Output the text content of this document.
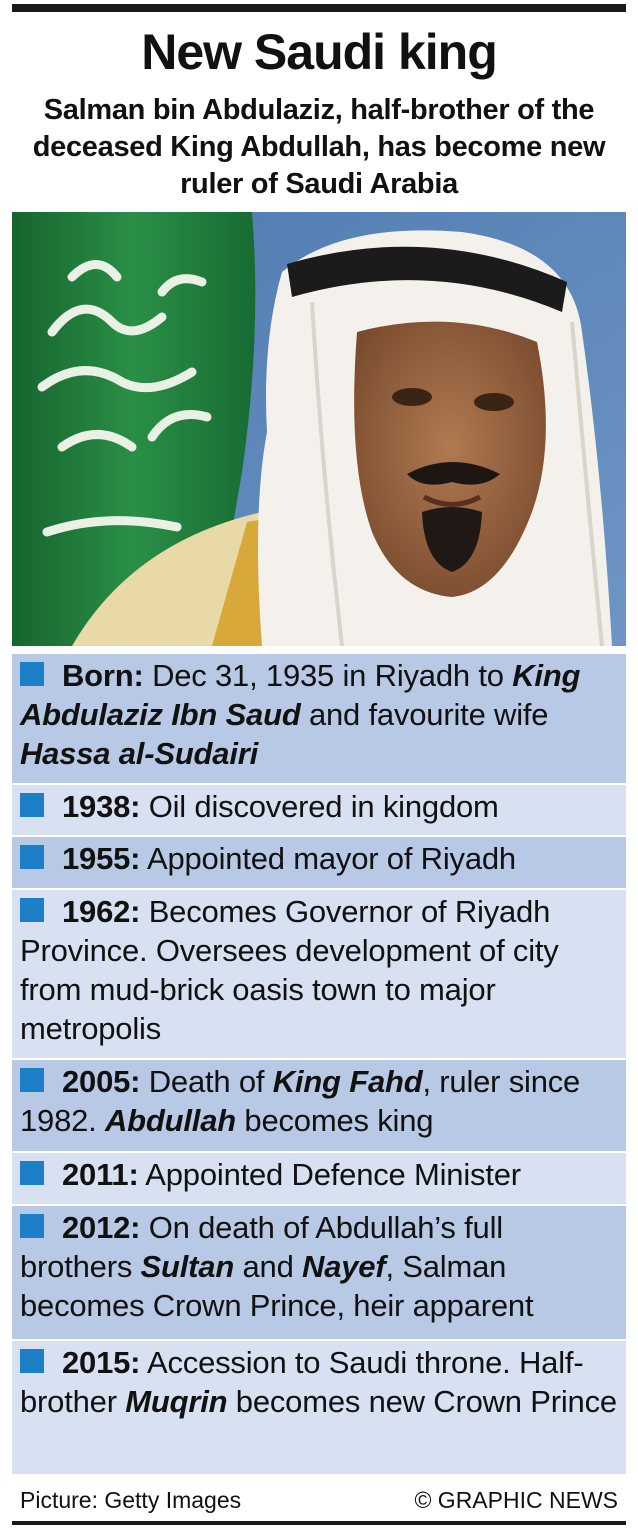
New Saudi king
Salman bin Abdulaziz, half-brother of the deceased King Abdullah, has become new ruler of Saudi Arabia
Born: Dec 31, 1935 in Riyadh to King Abdulaziz Ibn Saud and favourite wife Hassa al-Sudairi
1938: Oil discovered in kingdom
1955: Appointed mayor of Riyadh
1962: Becomes Governor of Riyadh Province. Oversees development of city from mud-brick oasis town to major metropolis
2005: Death of King Fahd, ruler since 1982. Abdullah becomes king
2011: Appointed Defence Minister
2012: On death of Abdullah’s full brothers Sultan and Nayef, Salman becomes Crown Prince, heir apparent
2015: Accession to Saudi throne. Half-brother Muqrin becomes new Crown Prince
Picture: Getty Images	© GRAPHIC NEWS
